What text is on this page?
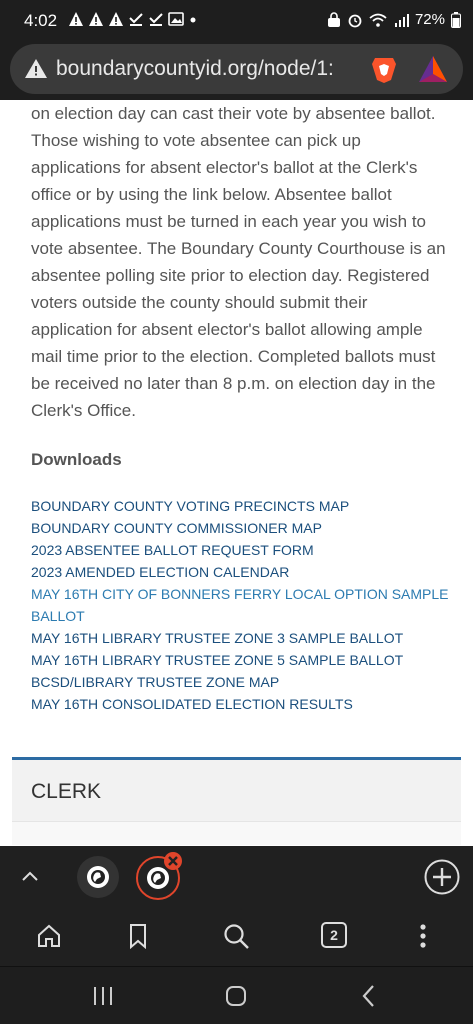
4:02	72%
boundarycountyid.org/node/1:

on election day can cast their vote by absentee ballot. Those wishing to vote absentee can pick up applications for absent elector's ballot at the Clerk's office or by using the link below. Absentee ballot applications must be turned in each year you wish to vote absentee. The Boundary County Courthouse is an absentee polling site prior to election day. Registered voters outside the county should submit their application for absent elector's ballot allowing ample mail time prior to the election. Completed ballots must be received no later than 8 p.m. on election day in the Clerk's Office.

Downloads
BOUNDARY COUNTY VOTING PRECINCTS MAP
BOUNDARY COUNTY COMMISSIONER MAP
2023 ABSENTEE BALLOT REQUEST FORM
2023 AMENDED ELECTION CALENDAR
MAY 16TH CITY OF BONNERS FERRY LOCAL OPTION SAMPLE BALLOT
MAY 16TH LIBRARY TRUSTEE ZONE 3 SAMPLE BALLOT
MAY 16TH LIBRARY TRUSTEE ZONE 5 SAMPLE BALLOT
BCSD/LIBRARY TRUSTEE ZONE MAP
MAY 16TH CONSOLIDATED ELECTION RESULTS
CLERK
2
